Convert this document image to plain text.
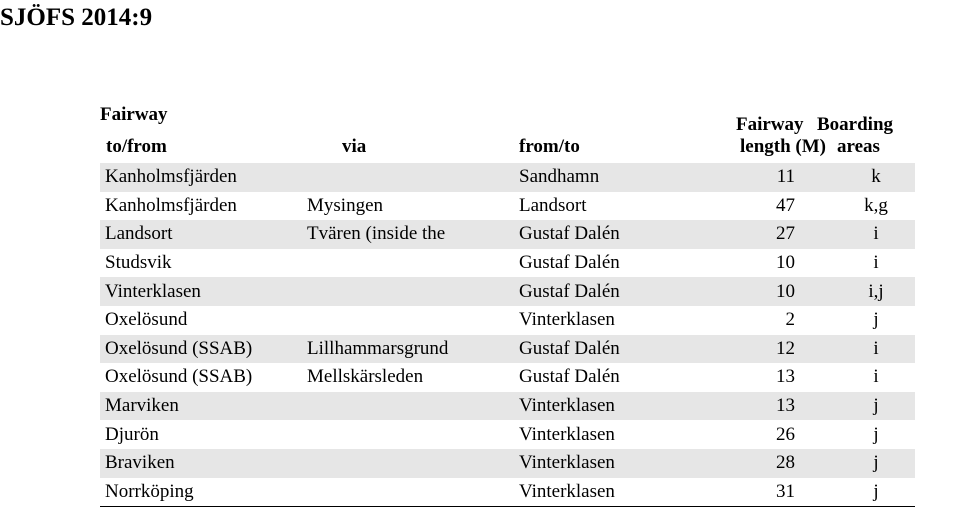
SJÖFS 2014:9
Fairway
to/from	via	from/to
Fairway
length (M)
Boarding
areas
Kanholmsfjärden		Sandhamn	11	k
Kanholmsfjärden	Mysingen	Landsort	47	k,g
Landsort	Tvären (inside the	Gustaf Dalén	27	i
Studsvik		Gustaf Dalén	10	i
Vinterklasen		Gustaf Dalén	10	i,j
Oxelösund		Vinterklasen	2	j
Oxelösund (SSAB)	Lillhammarsgrund	Gustaf Dalén	12	i
Oxelösund (SSAB)	Mellskärsleden	Gustaf Dalén	13	i
Marviken		Vinterklasen	13	j
Djurön		Vinterklasen	26	j
Braviken		Vinterklasen	28	j
Norrköping		Vinterklasen	31	j
